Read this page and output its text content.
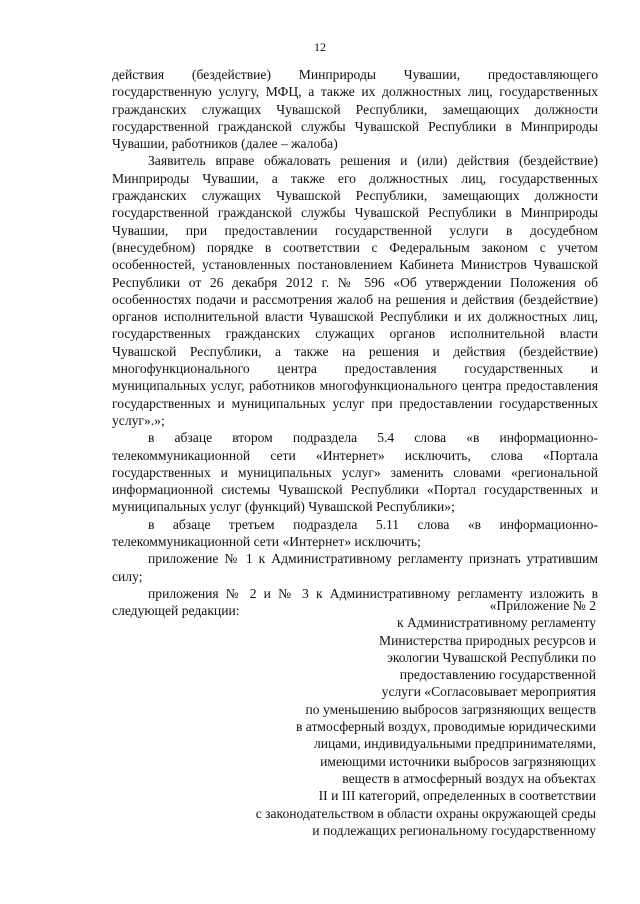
12

действия (бездействие) Минприроды Чувашии, предоставляющего государственную услугу, МФЦ, а также их должностных лиц, государственных гражданских служащих Чувашской Республики, замещающих должности государственной гражданской службы Чувашской Республики в Минприроды Чувашии, работников (далее – жалоба)

Заявитель вправе обжаловать решения и (или) действия (бездействие) Минприроды Чувашии, а также его должностных лиц, государственных гражданских служащих Чувашской Республики, замещающих должности государственной гражданской службы Чувашской Республики в Минприроды Чувашии, при предоставлении государственной услуги в досудебном (внесудебном) порядке в соответствии с Федеральным законом с учетом особенностей, установленных постановлением Кабинета Министров Чувашской Республики от 26 декабря 2012 г. № 596 «Об утверждении Положения об особенностях подачи и рассмотрения жалоб на решения и действия (бездействие) органов исполнительной власти Чувашской Республики и их должностных лиц, государственных гражданских служащих органов исполнительной власти Чувашской Республики, а также на решения и действия (бездействие) многофункционального центра предоставления государственных и муниципальных услуг, работников многофункционального центра предоставления государственных и муниципальных услуг при предоставлении государственных услуг».»;

в абзаце втором подраздела 5.4 слова «в информационно-телекоммуникационной сети «Интернет» исключить, слова «Портала государственных и муниципальных услуг» заменить словами «региональной информационной системы Чувашской Республики «Портал государственных и муниципальных услуг (функций) Чувашской Республики»;

в абзаце третьем подраздела 5.11 слова «в информационно-телекоммуникационной сети «Интернет» исключить;

приложение № 1 к Административному регламенту признать утратившим силу;

приложения № 2 и № 3 к Административному регламенту изложить в следующей редакции:	«Приложение № 2
к Административному регламенту
Министерства природных ресурсов и
экологии Чувашской Республики по
предоставлению государственной
услуги «Согласовывает мероприятия
по уменьшению выбросов загрязняющих веществ
в атмосферный воздух, проводимые юридическими
лицами, индивидуальными предпринимателями,
имеющими источники выбросов загрязняющих
веществ в атмосферный воздух на объектах
II и III категорий, определенных в соответствии
с законодательством в области охраны окружающей среды
и подлежащих региональному государственному
